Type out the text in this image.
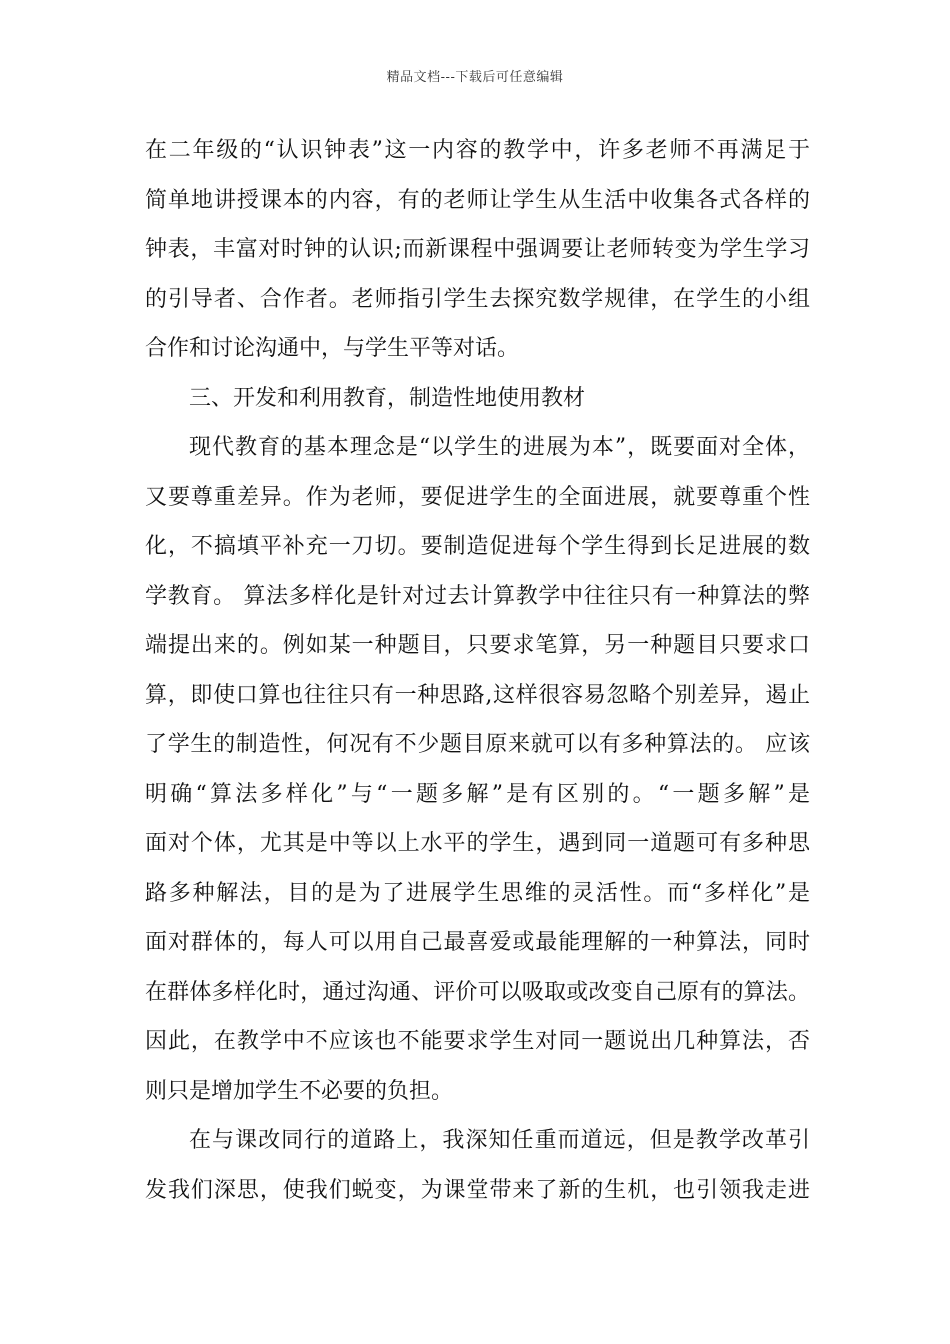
精品文档---下载后可任意编辑
在二年级的“认识钟表”这一内容的教学中，许多老师不再满足于
简单地讲授课本的内容，有的老师让学生从生活中收集各式各样的
钟表，丰富对时钟的认识;而新课程中强调要让老师转变为学生学习
的引导者、合作者。老师指引学生去探究数学规律，在学生的小组
合作和讨论沟通中，与学生平等对话。
三、开发和利用教育，制造性地使用教材
现代教育的基本理念是“以学生的进展为本”，既要面对全体，
又要尊重差异。作为老师，要促进学生的全面进展，就要尊重个性
化，不搞填平补充一刀切。要制造促进每个学生得到长足进展的数
学教育。 算法多样化是针对过去计算教学中往往只有一种算法的弊
端提出来的。例如某一种题目，只要求笔算，另一种题目只要求口
算，即使口算也往往只有一种思路,这样很容易忽略个别差异，遏止
了学生的制造性，何况有不少题目原来就可以有多种算法的。 应该
明确“算法多样化”与“一题多解”是有区别的。“一题多解”是
面对个体，尤其是中等以上水平的学生，遇到同一道题可有多种思
路多种解法，目的是为了进展学生思维的灵活性。而“多样化”是
面对群体的，每人可以用自己最喜爱或最能理解的一种算法，同时
在群体多样化时，通过沟通、评价可以吸取或改变自己原有的算法。
因此，在教学中不应该也不能要求学生对同一题说出几种算法，否
则只是增加学生不必要的负担。
在与课改同行的道路上，我深知任重而道远，但是教学改革引
发我们深思，使我们蜕变，为课堂带来了新的生机，也引领我走进
